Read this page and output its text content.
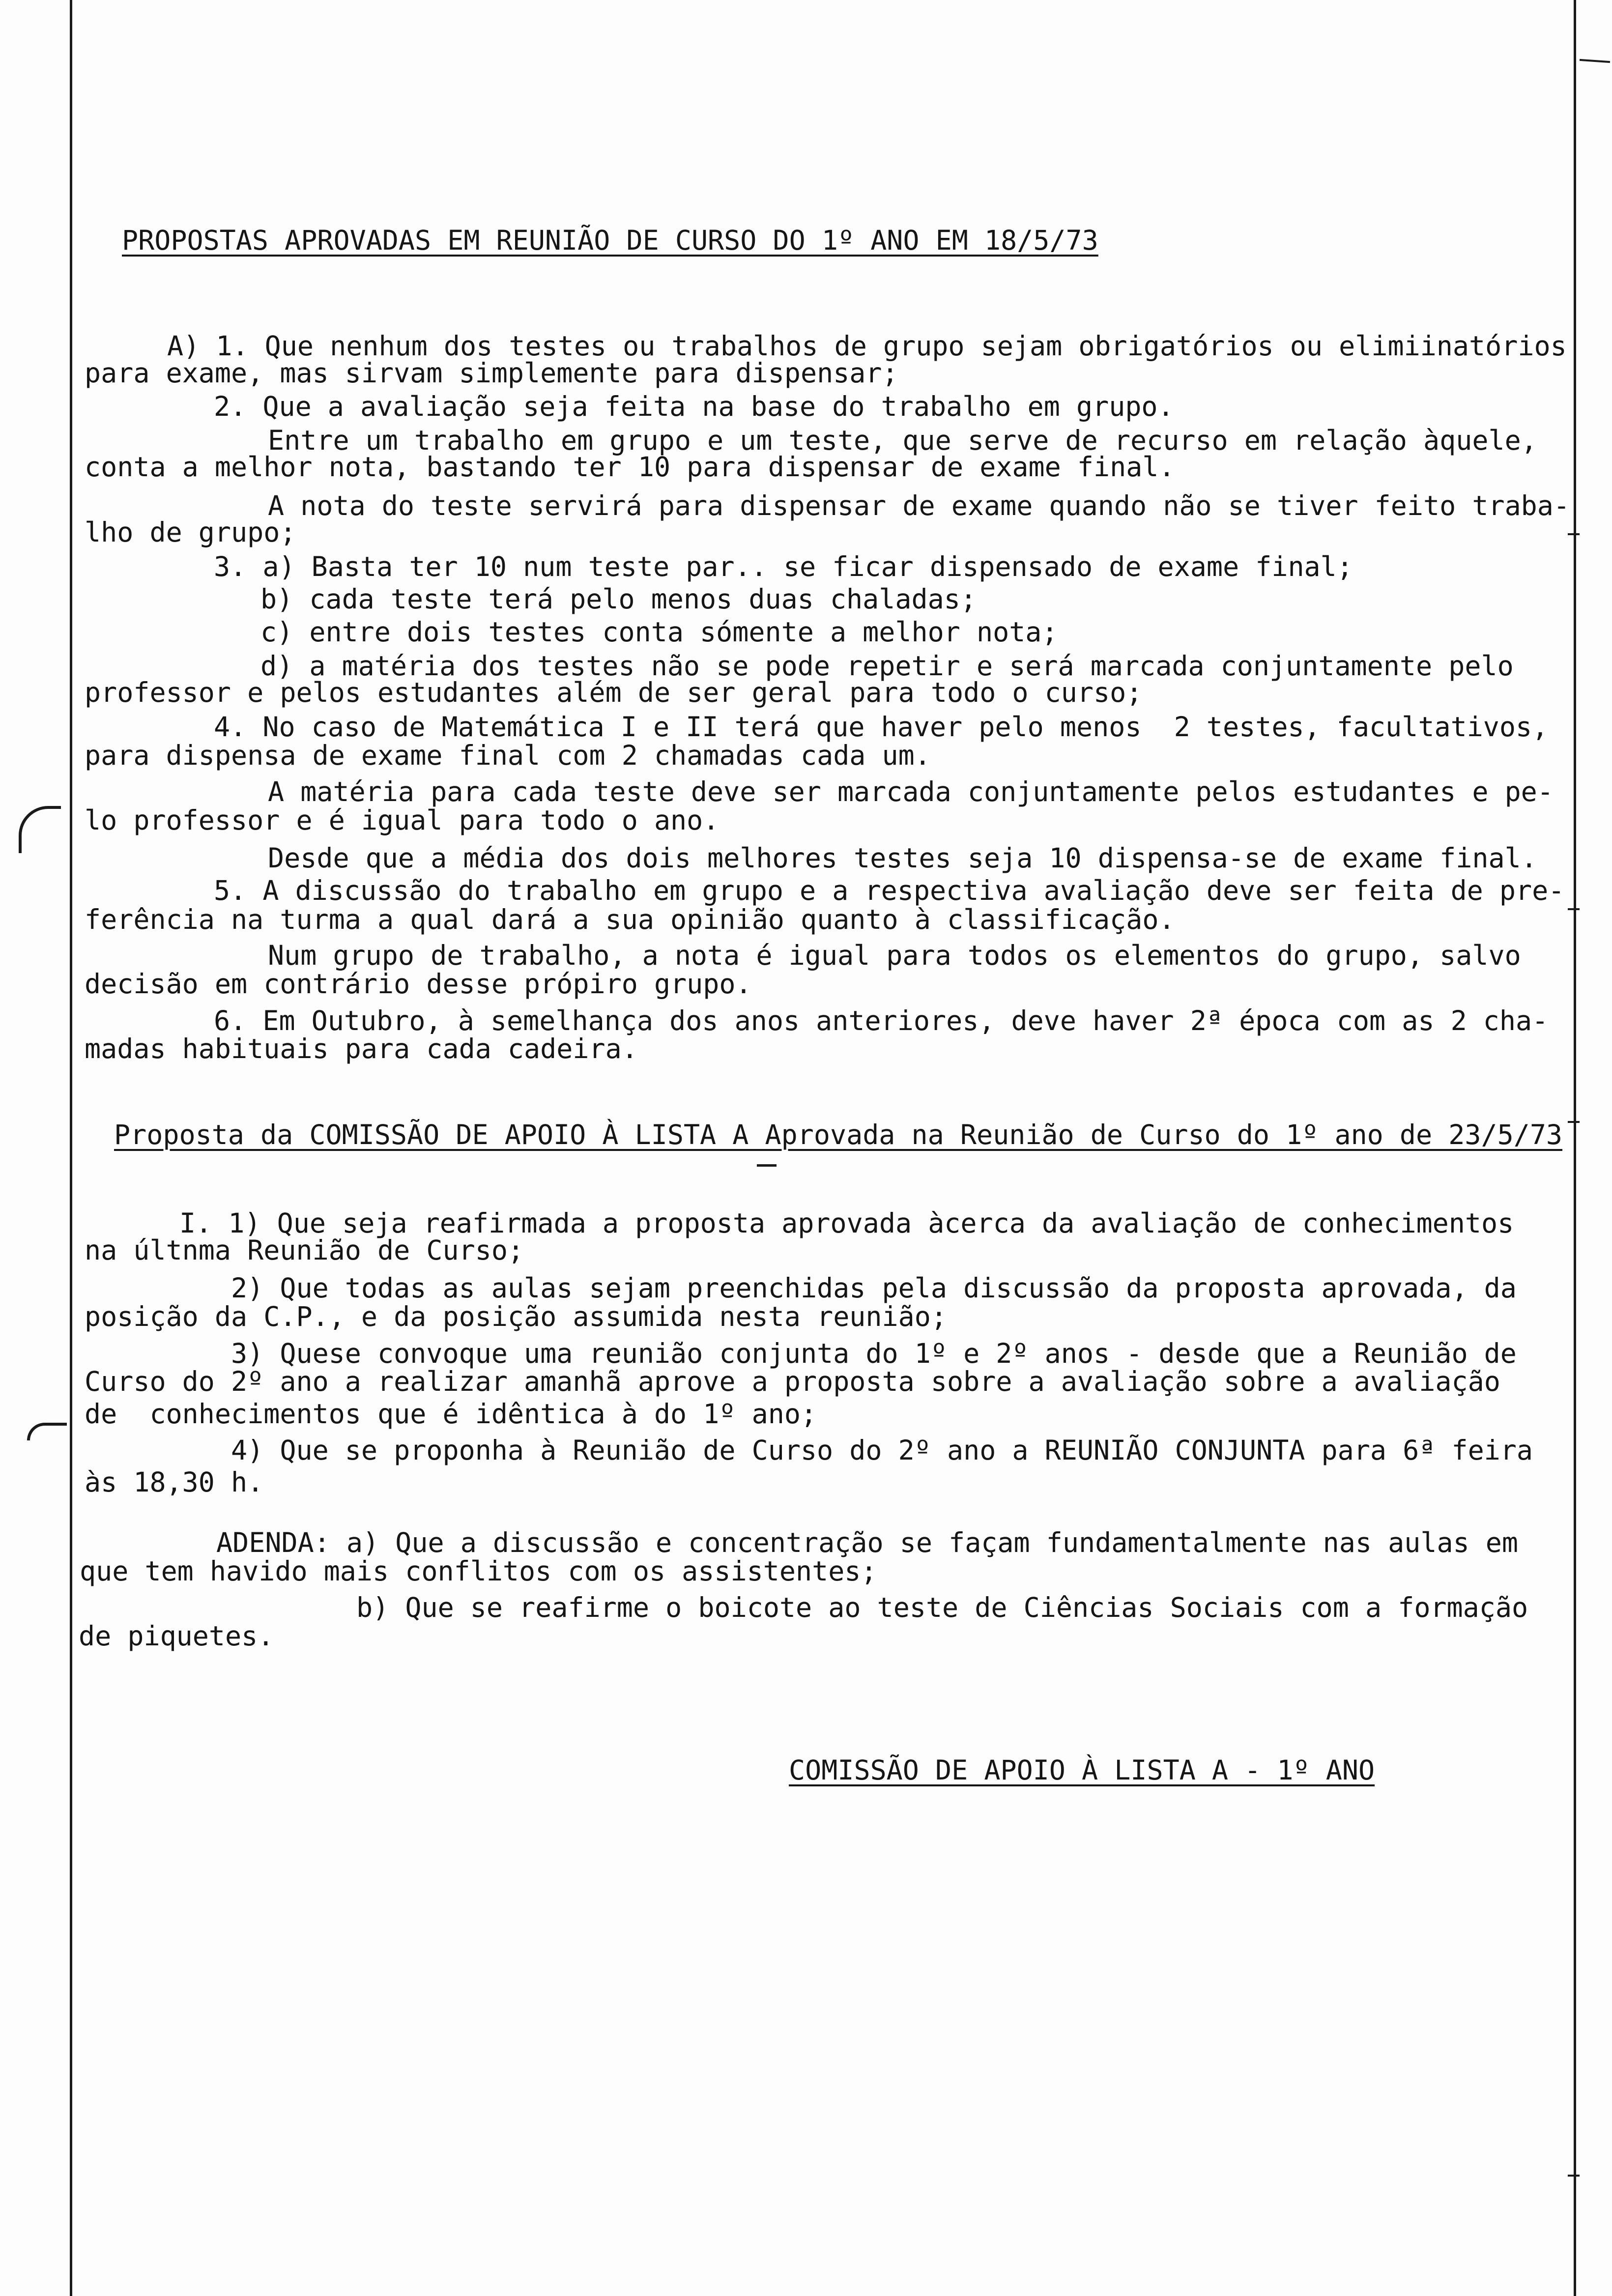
PROPOSTAS APROVADAS EM REUNIÃO DE CURSO DO 1º ANO EM 18/5/73
A) 1. Que nenhum dos testes ou trabalhos de grupo sejam obrigatórios ou elimiinatórios
para exame, mas sirvam simplemente para dispensar;
2. Que a avaliação seja feita na base do trabalho em grupo.
Entre um trabalho em grupo e um teste, que serve de recurso em relação àquele,
conta a melhor nota, bastando ter 10 para dispensar de exame final.
A nota do teste servirá para dispensar de exame quando não se tiver feito traba-
lho de grupo;
3. a) Basta ter 10 num teste par.. se ficar dispensado de exame final;
b) cada teste terá pelo menos duas chaladas;
c) entre dois testes conta sómente a melhor nota;
d) a matéria dos testes não se pode repetir e será marcada conjuntamente pelo
professor e pelos estudantes além de ser geral para todo o curso;
4. No caso de Matemática I e II terá que haver pelo menos  2 testes, facultativos,
para dispensa de exame final com 2 chamadas cada um.
A matéria para cada teste deve ser marcada conjuntamente pelos estudantes e pe-
lo professor e é igual para todo o ano.
Desde que a média dos dois melhores testes seja 10 dispensa-se de exame final.
5. A discussão do trabalho em grupo e a respectiva avaliação deve ser feita de pre-
ferência na turma a qual dará a sua opinião quanto à classificação.
Num grupo de trabalho, a nota é igual para todos os elementos do grupo, salvo
decisão em contrário desse própiro grupo.
6. Em Outubro, à semelhança dos anos anteriores, deve haver 2ª época com as 2 cha-
madas habituais para cada cadeira.
Proposta da COMISSÃO DE APOIO À LISTA A Aprovada na Reunião de Curso do 1º ano de 23/5/73
I. 1) Que seja reafirmada a proposta aprovada àcerca da avaliação de conhecimentos
na últnma Reunião de Curso;
2) Que todas as aulas sejam preenchidas pela discussão da proposta aprovada, da
posição da C.P., e da posição assumida nesta reunião;
3) Quese convoque uma reunião conjunta do 1º e 2º anos - desde que a Reunião de
Curso do 2º ano a realizar amanhã aprove a proposta sobre a avaliação sobre a avaliação
de  conhecimentos que é idêntica à do 1º ano;
4) Que se proponha à Reunião de Curso do 2º ano a REUNIÃO CONJUNTA para 6ª feira
às 18,30 h.
ADENDA: a) Que a discussão e concentração se façam fundamentalmente nas aulas em
que tem havido mais conflitos com os assistentes;
b) Que se reafirme o boicote ao teste de Ciências Sociais com a formação
de piquetes.
COMISSÃO DE APOIO À LISTA A - 1º ANO
